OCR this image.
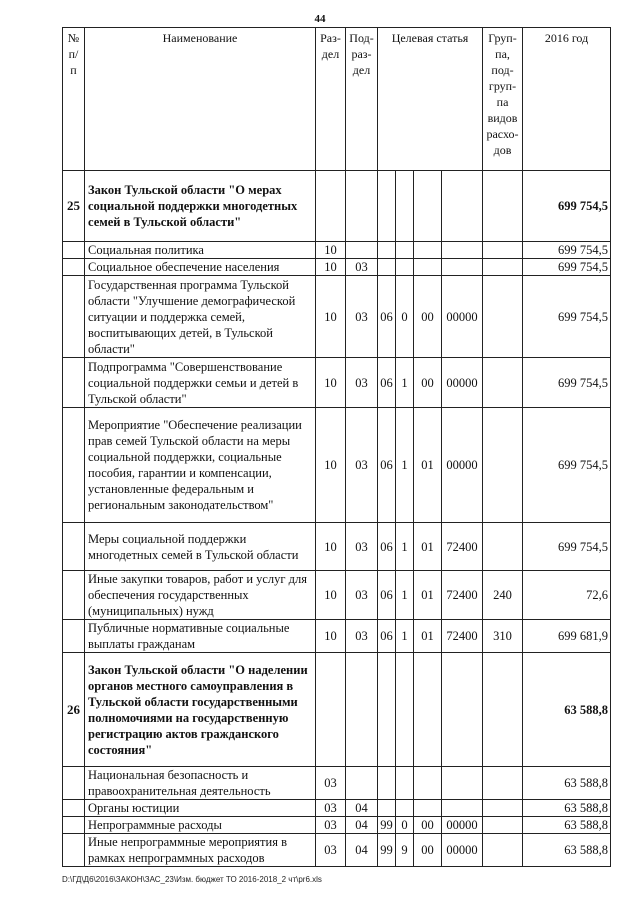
44
№ п/п	Наименование	Раз-дел	Под-раз-дел	Целевая статья				Груп-па, под-груп-па видов расхо-дов	2016 год
25	Закон Тульской области "О мерах социальной поддержки многодетных семей в Тульской области"								699 754,5
	Социальная политика	10							699 754,5
	Социальное обеспечение населения	10	03						699 754,5
	Государственная программа Тульской области "Улучшение демографической ситуации и поддержка семей, воспитывающих детей, в Тульской области"	10	03	06	0	00	00000		699 754,5
	Подпрограмма "Совершенствование социальной поддержки семьи и детей в Тульской области"	10	03	06	1	00	00000		699 754,5
	Мероприятие "Обеспечение реализации прав семей Тульской области на меры социальной поддержки, социальные пособия, гарантии и компенсации, установленные федеральным и региональным законодательством"	10	03	06	1	01	00000		699 754,5
	Меры социальной поддержки многодетных семей в Тульской области	10	03	06	1	01	72400		699 754,5
	Иные закупки товаров, работ и услуг для обеспечения государственных (муниципальных) нужд	10	03	06	1	01	72400	240	72,6
	Публичные нормативные социальные выплаты гражданам	10	03	06	1	01	72400	310	699 681,9
26	Закон Тульской области "О наделении органов местного самоуправления в Тульской области государственными полномочиями на государственную регистрацию актов гражданского состояния"								63 588,8
	Национальная безопасность и правоохранительная деятельность	03							63 588,8
	Органы юстиции	03	04						63 588,8
	Непрограммные расходы	03	04	99	0	00	00000		63 588,8
	Иные непрограммные мероприятия в рамках непрограммных расходов	03	04	99	9	00	00000		63 588,8
D:\ГД\Д6\2016\ЗАКОН\ЗАС_23\Изм. бюджет ТО 2016-2018_2 чт\pr6.xls
